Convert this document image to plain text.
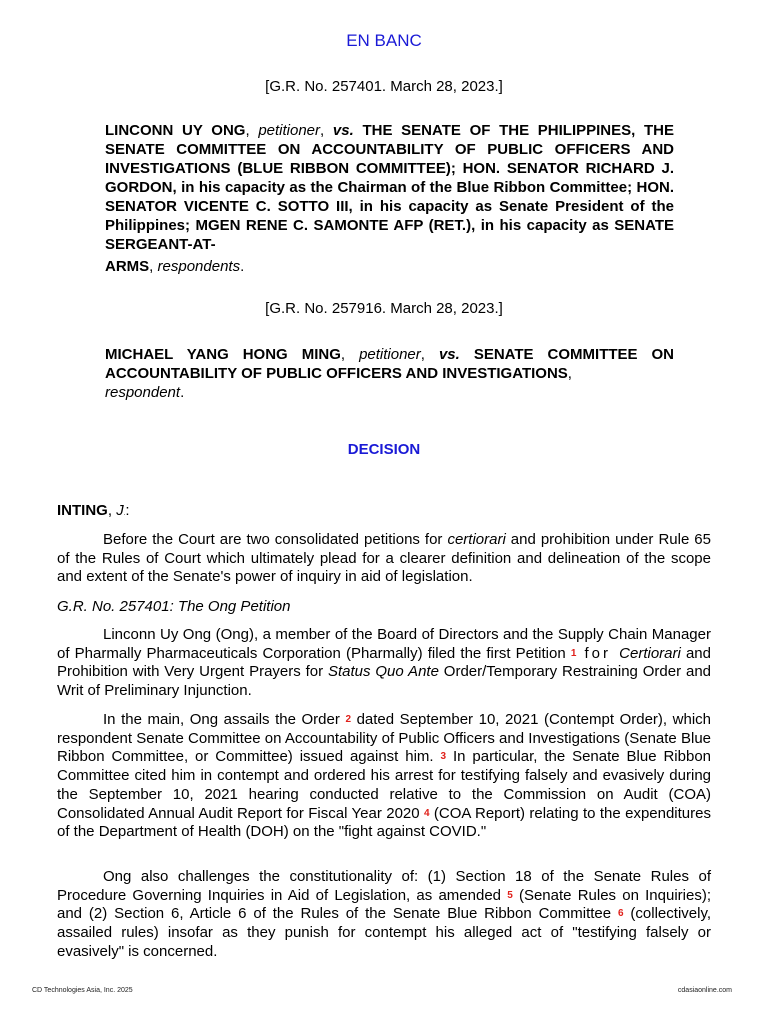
EN BANC
[G.R. No. 257401. March 28, 2023.]
LINCONN UY ONG, petitioner, vs. THE SENATE OF THE PHILIPPINES, THE SENATE COMMITTEE ON ACCOUNTABILITY OF PUBLIC OFFICERS AND INVESTIGATIONS (BLUE RIBBON COMMITTEE); HON. SENATOR RICHARD J. GORDON, in his capacity as the Chairman of the Blue Ribbon Committee; HON. SENATOR VICENTE C. SOTTO III, in his capacity as Senate President of the Philippines; MGEN RENE C. SAMONTE AFP (RET.), in his capacity as SENATE SERGEANT-AT-
ARMS, respondents.
[G.R. No. 257916. March 28, 2023.]
MICHAEL YANG HONG MING, petitioner, vs. SENATE COMMITTEE ON ACCOUNTABILITY OF PUBLIC OFFICERS AND INVESTIGATIONS,
respondent.
DECISION
INTING, J.:
Before the Court are two consolidated petitions for certiorari and prohibition under Rule 65 of the Rules of Court which ultimately plead for a clearer definition and delineation of the scope and extent of the Senate's power of inquiry in aid of legislation.
G.R. No. 257401: The Ong Petition
Linconn Uy Ong (Ong), a member of the Board of Directors and the Supply Chain Manager of Pharmally Pharmaceuticals Corporation (Pharmally) filed the first Petition 1 for Certiorari and Prohibition with Very Urgent Prayers for Status Quo Ante Order/Temporary Restraining Order and Writ of Preliminary Injunction.
In the main, Ong assails the Order 2 dated September 10, 2021 (Contempt Order), which respondent Senate Committee on Accountability of Public Officers and Investigations (Senate Blue Ribbon Committee, or Committee) issued against him. 3 In particular, the Senate Blue Ribbon Committee cited him in contempt and ordered his arrest for testifying falsely and evasively during the September 10, 2021 hearing conducted relative to the Commission on Audit (COA) Consolidated Annual Audit Report for Fiscal Year 2020 4 (COA Report) relating to the expenditures of the Department of Health (DOH) on the "fight against COVID."
Ong also challenges the constitutionality of: (1) Section 18 of the Senate Rules of Procedure Governing Inquiries in Aid of Legislation, as amended 5 (Senate Rules on Inquiries); and (2) Section 6, Article 6 of the Rules of the Senate Blue Ribbon Committee 6 (collectively, assailed rules) insofar as they punish for contempt his alleged act of "testifying falsely or evasively" is concerned.
CD Technologies Asia, Inc. 2025	cdasiaonline.com
